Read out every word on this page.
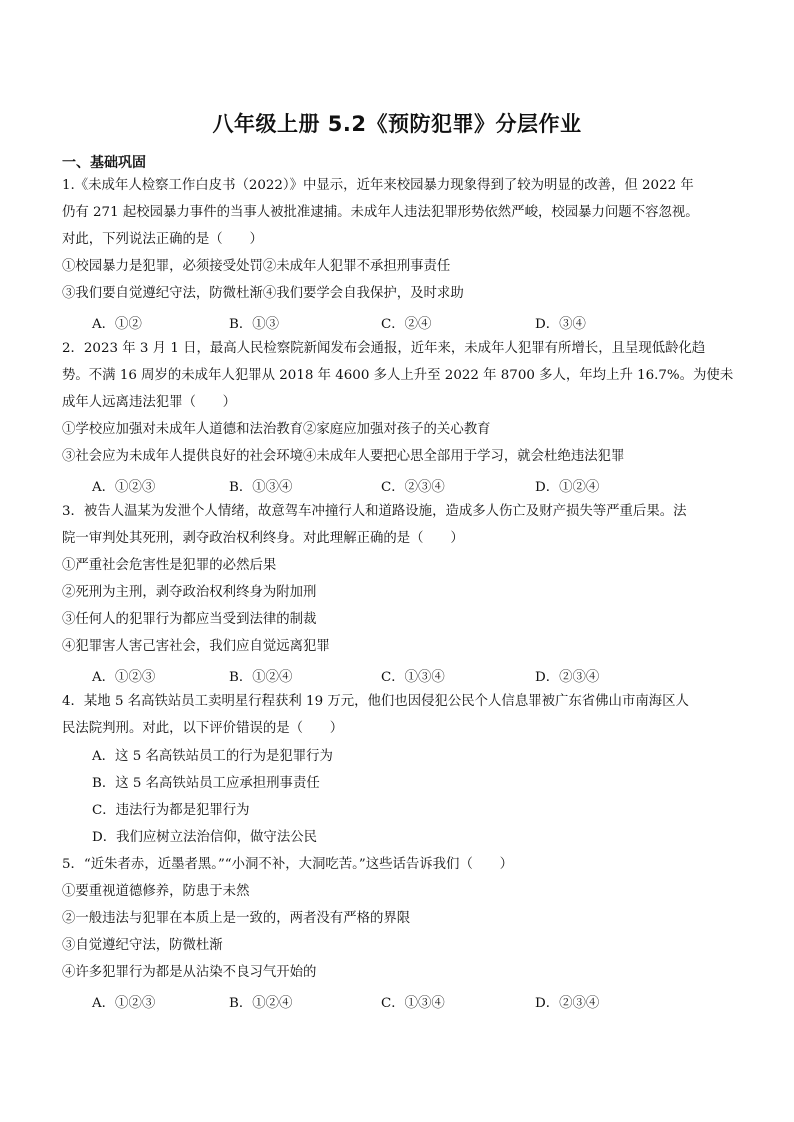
八年级上册 5.2《预防犯罪》分层作业
一、基础巩固
1.《未成年人检察工作白皮书（2022）》中显示，近年来校园暴力现象得到了较为明显的改善，但 2022 年
仍有 271 起校园暴力事件的当事人被批准逮捕。未成年人违法犯罪形势依然严峻，校园暴力问题不容忽视。
对此，下列说法正确的是（　　）
①校园暴力是犯罪，必须接受处罚②未成年人犯罪不承担刑事责任
③我们要自觉遵纪守法，防微杜渐④我们要学会自我保护，及时求助
A．①②	B．①③	C．②④	D．③④
2．2023 年 3 月 1 日，最高人民检察院新闻发布会通报，近年来，未成年人犯罪有所增长，且呈现低龄化趋
势。不满 16 周岁的未成年人犯罪从 2018 年 4600 多人上升至 2022 年 8700 多人，年均上升 16.7%。为使未
成年人远离违法犯罪（　　）
①学校应加强对未成年人道德和法治教育②家庭应加强对孩子的关心教育
③社会应为未成年人提供良好的社会环境④未成年人要把心思全部用于学习，就会杜绝违法犯罪
A．①②③	B．①③④	C．②③④	D．①②④
3．被告人温某为发泄个人情绪，故意驾车冲撞行人和道路设施，造成多人伤亡及财产损失等严重后果。法
院一审判处其死刑，剥夺政治权利终身。对此理解正确的是（　　）
①严重社会危害性是犯罪的必然后果
②死刑为主刑，剥夺政治权利终身为附加刑
③任何人的犯罪行为都应当受到法律的制裁
④犯罪害人害己害社会，我们应自觉远离犯罪
A．①②③	B．①②④	C．①③④	D．②③④
4．某地 5 名高铁站员工卖明星行程获利 19 万元，他们也因侵犯公民个人信息罪被广东省佛山市南海区人
民法院判刑。对此，以下评价错误的是（　　）
A．这 5 名高铁站员工的行为是犯罪行为
B．这 5 名高铁站员工应承担刑事责任
C．违法行为都是犯罪行为
D．我们应树立法治信仰，做守法公民
5．“近朱者赤，近墨者黑。”“小洞不补，大洞吃苦。”这些话告诉我们（　　）
①要重视道德修养，防患于未然
②一般违法与犯罪在本质上是一致的，两者没有严格的界限
③自觉遵纪守法，防微杜渐
④许多犯罪行为都是从沾染不良习气开始的
A．①②③	B．①②④	C．①③④	D．②③④
